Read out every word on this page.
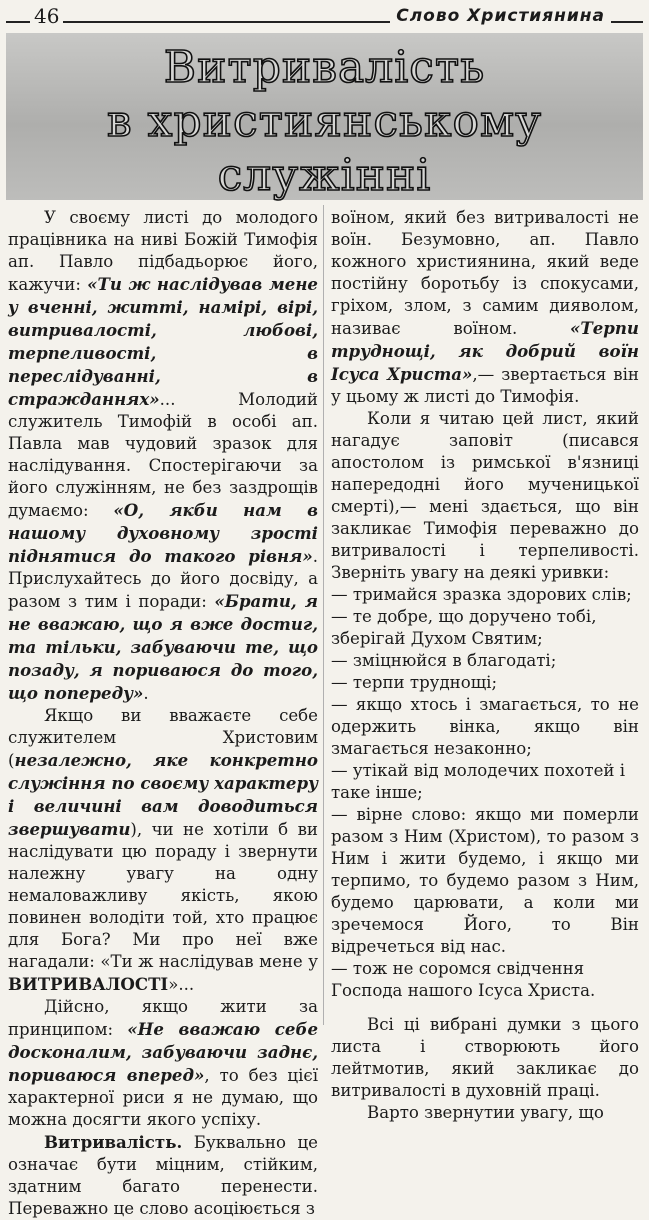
46	Слово Християнина
Витривалість
в християнському
служінні

У своєму листі до молодого працівника на ниві Божій Тимофія ап. Павло підбадьорює його, кажучи: «Ти ж наслідував мене у вченні, житті, намірі, вірі, витривалості, любові, терпеливості, в переслідуванні, в стражданнях»... Молодий служитель Тимофій в особі ап. Павла мав чудовий зразок для наслідування. Спостерігаючи за його служінням, не без заздрощів думаємо: «О, якби нам в нашому духовному зрості піднятися до такого рівня». Прислухайтесь до його досвіду, а разом з тим і поради: «Брати, я не вважаю, що я вже достиг, та тільки, забуваючи те, що позаду, я пориваюся до того, що попереду».

Якщо ви вважаєте себе служителем Христовим (незалежно, яке конкретно служіння по своєму характеру і величині вам доводиться звершувати), чи не хотіли б ви наслідувати цю пораду і звернути належну увагу на одну немаловажливу якість, якою повинен володіти той, хто працює для Бога? Ми про неї вже нагадали: «Ти ж наслідував мене у ВИТРИВАЛОСТІ»...

Дійсно, якщо жити за принципом: «Не вважаю себе досконалим, забуваючи заднє, пориваюся вперед», то без цієї характерної риси я не думаю, що можна досягти якого успіху.

Витривалість. Буквально це означає бути міцним, стійким, здатним багато перенести. Переважно це слово асоціюється з

воїном, який без витривалості не воїн. Безумовно, ап. Павло кожного християнина, який веде постійну боротьбу із спокусами, гріхом, злом, з самим дияволом, називає воїном. «Терпи труднощі, як добрий воїн Ісуса Христа»,— звертається він у цьому ж листі до Тимофія.

Коли я читаю цей лист, який нагадує заповіт (писався апостолом із римської в'язниці напередодні його мученицької смерті),— мені здається, що він закликає Тимофія переважно до витривалості і терпеливості. Зверніть увагу на деякі уривки:

— тримайся зразка здорових слів;

— те добре, що доручено тобі, зберігай Духом Святим;

— зміцнюйся в благодаті;

— терпи труднощі;

— якщо хтось і змагається, то не одержить вінка, якщо він змагається незаконно;

— утікай від молодечих похотей і таке інше;

— вірне слово: якщо ми померли разом з Ним (Христом), то разом з Ним і жити будемо, і якщо ми терпимо, то будемо разом з Ним, будемо царювати, а коли ми зречемося Його, то Він відречеться від нас.

— тож не соромся свідчення Господа нашого Ісуса Христа.

Всі ці вибрані думки з цього листа і створюють його лейтмотив, який закликає до витривалості в духовній праці.

Варто звернутии увагу, що
